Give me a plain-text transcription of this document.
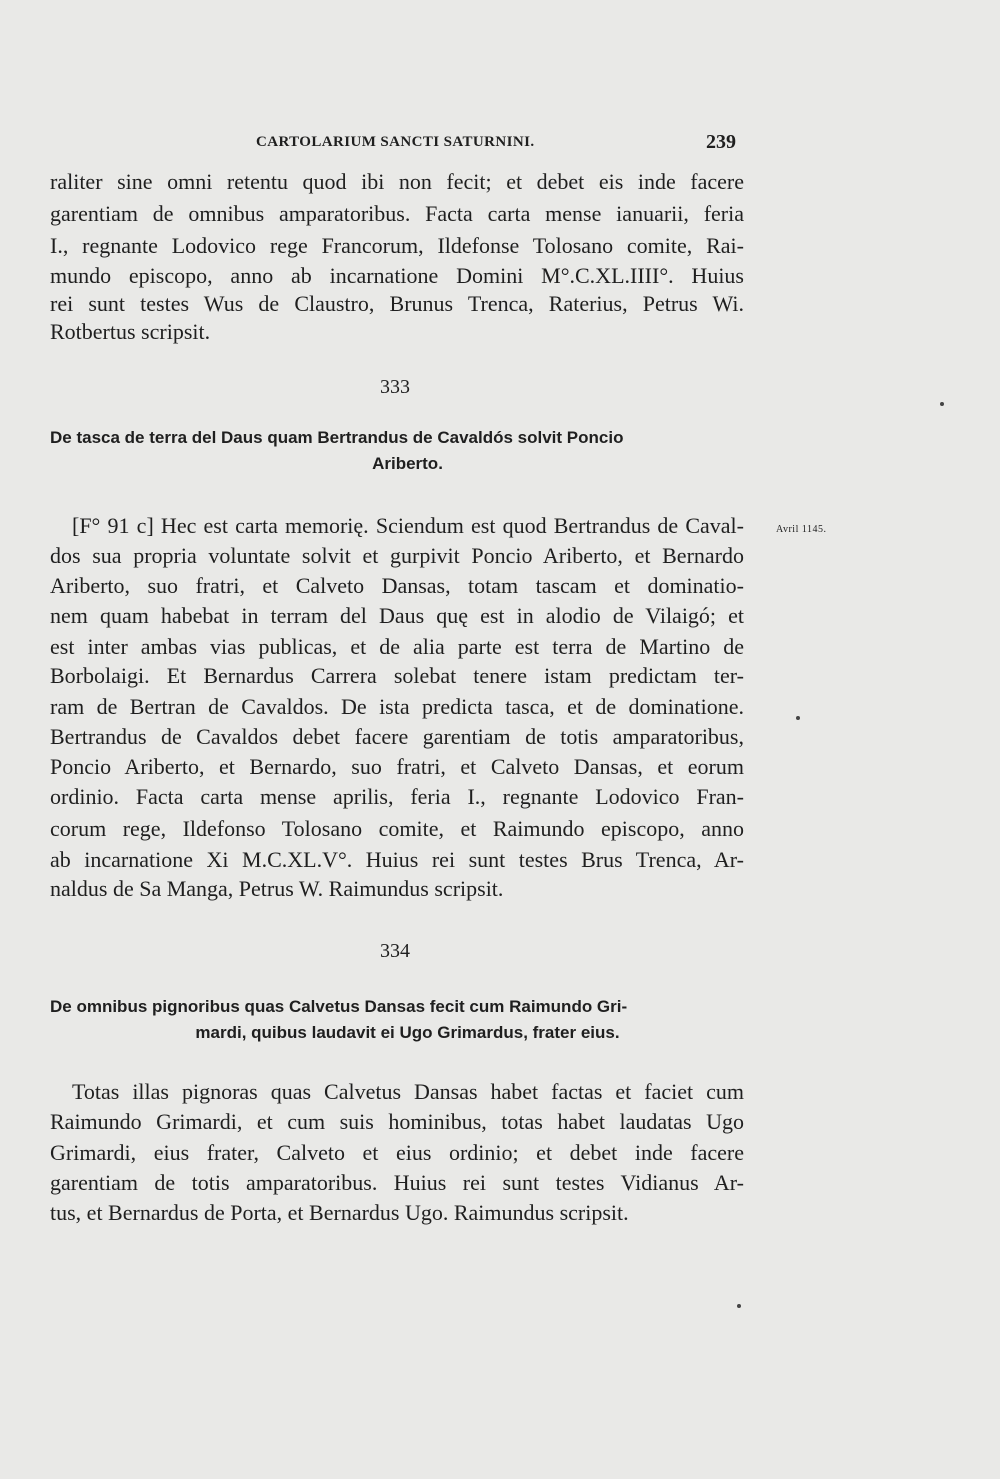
CARTOLARIUM SANCTI SATURNINI.	239
raliter sine omni retentu quod ibi non fecit; et debet eis inde facere
garentiam de omnibus amparatoribus. Facta carta mense ianuarii, feria
I., regnante Lodovico rege Francorum, Ildefonse Tolosano comite, Rai-
mundo episcopo, anno ab incarnatione Domini M°.C.XL.IIII°. Huius
rei sunt testes Wus de Claustro, Brunus Trenca, Raterius, Petrus Wi.
Rotbertus scripsit.
333
De tasca de terra del Daus quam Bertrandus de Cavaldós solvit Poncio
Ariberto.
Avril 1145.
[F° 91 c] Hec est carta memorię. Sciendum est quod Bertrandus de Caval-
dos sua propria voluntate solvit et gurpivit Poncio Ariberto, et Bernardo
Ariberto, suo fratri, et Calveto Dansas, totam tascam et dominatio-
nem quam habebat in terram del Daus quę est in alodio de Vilaigó; et
est inter ambas vias publicas, et de alia parte est terra de Martino de
Borbolaigi. Et Bernardus Carrera solebat tenere istam predictam ter-
ram de Bertran de Cavaldos. De ista predicta tasca, et de dominatione.
Bertrandus de Cavaldos debet facere garentiam de totis amparatoribus,
Poncio Ariberto, et Bernardo, suo fratri, et Calveto Dansas, et eorum
ordinio. Facta carta mense aprilis, feria I., regnante Lodovico Fran-
corum rege, Ildefonso Tolosano comite, et Raimundo episcopo, anno
ab incarnatione Xi M.C.XL.V°. Huius rei sunt testes Brus Trenca, Ar-
naldus de Sa Manga, Petrus W. Raimundus scripsit.
334
De omnibus pignoribus quas Calvetus Dansas fecit cum Raimundo Gri-
mardi, quibus laudavit ei Ugo Grimardus, frater eius.
Totas illas pignoras quas Calvetus Dansas habet factas et faciet cum
Raimundo Grimardi, et cum suis hominibus, totas habet laudatas Ugo
Grimardi, eius frater, Calveto et eius ordinio; et debet inde facere
garentiam de totis amparatoribus. Huius rei sunt testes Vidianus Ar-
tus, et Bernardus de Porta, et Bernardus Ugo. Raimundus scripsit.
